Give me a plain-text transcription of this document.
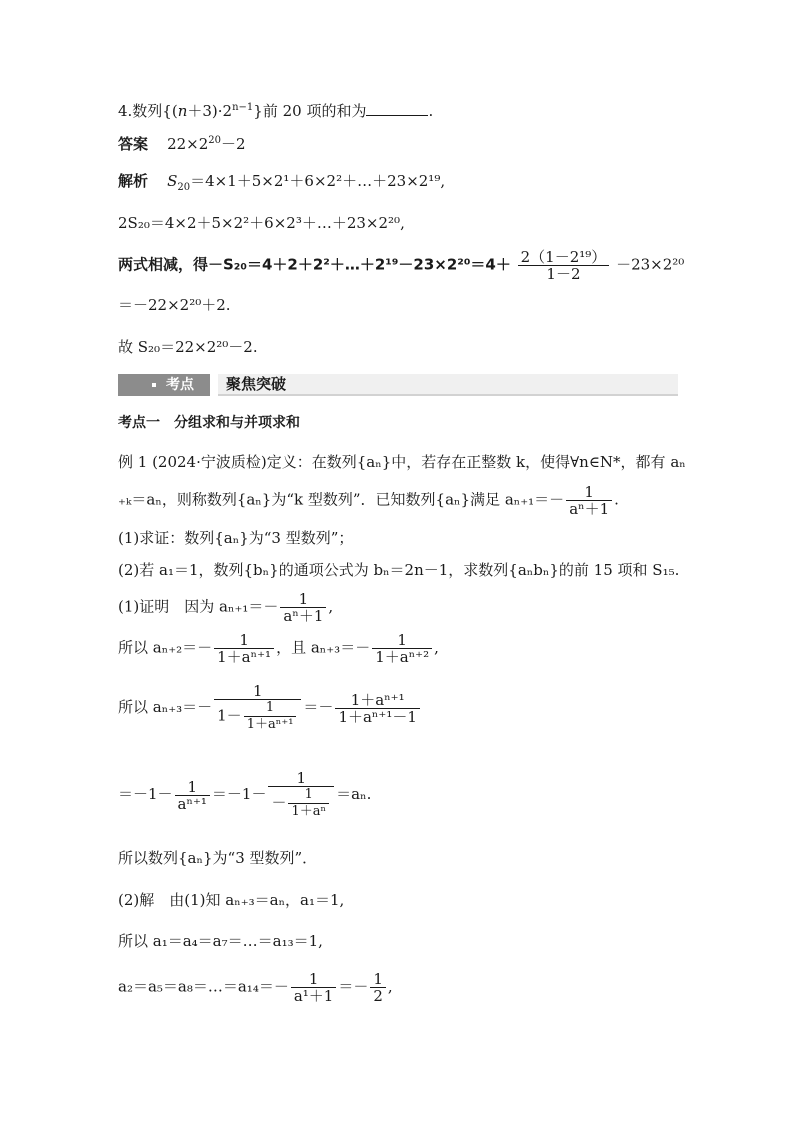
4.数列$\{(n+3)\cdot 2^{n-1}\}$前 20 项的和为	.
答案 $22\times 2^{20}-2$
解析 $S_{20}=4\times 1+5\times 2^1+6\times 2^2+\dots+23\times 2^{19}$,
2S₂₀＝4×2＋5×2²＋6×2³＋…＋23×2²⁰,
两式相减，得－S₂₀＝4＋2＋2²＋…＋2¹⁹－23×2²⁰＝4＋ $\frac{\text{2（1－2¹⁹）}}{1-2} -23\times 2^{20}$
＝－22×2²⁰＋2.
故 S₂₀＝22×2²⁰－2.
考点	聚焦突破
考点一　分组求和与并项求和
例 1 (2024·宁波质检)定义：在数列{aₙ}中，若存在正整数 k，使得∀n∈N*，都有 aₙ
₊ₖ＝aₙ，则称数列{aₙ}为“k 型数列”．已知数列{aₙ}满足 $a_{n+1}=- \frac{1}{\text{aⁿ＋1}}$ .
(1)求证：数列{aₙ}为“3 型数列”；
(2)若 a₁＝1，数列{bₙ}的通项公式为 bₙ＝2n－1，求数列{aₙbₙ}的前 15 项和 S₁₅.
(1)证明　因为 $a_{n+1}=- \frac{1}{\text{aⁿ＋1}}$ ,
所以 $a_{n+2}=- \frac{1}{\text{1＋aⁿ⁺¹}}$ ，且 $a_{n+3}=- \frac{1}{\text{1＋aⁿ⁺²}}$ ,
所以 $a_{n+3}=- \frac{1}{1- \frac{1}{\text{1＋aⁿ⁺¹}}} =- \frac{\text{1＋aⁿ⁺¹}}{\text{1＋aⁿ⁺¹－1}}$
$=-1- \frac{1}{\text{aⁿ⁺¹}} =-1- \frac{1}{- \frac{1}{\text{1＋aⁿ}}} =a_n$.
所以数列{aₙ}为“3 型数列”．
(2)解　由(1)知 aₙ₊₃＝aₙ，a₁＝1,
所以 a₁＝a₄＝a₇＝…＝a₁₃＝1,
a₂＝a₅＝a₈＝…＝a₁₄＝－ $\frac{1}{\text{a¹＋1}} =- \frac{1}{2}$ ,
